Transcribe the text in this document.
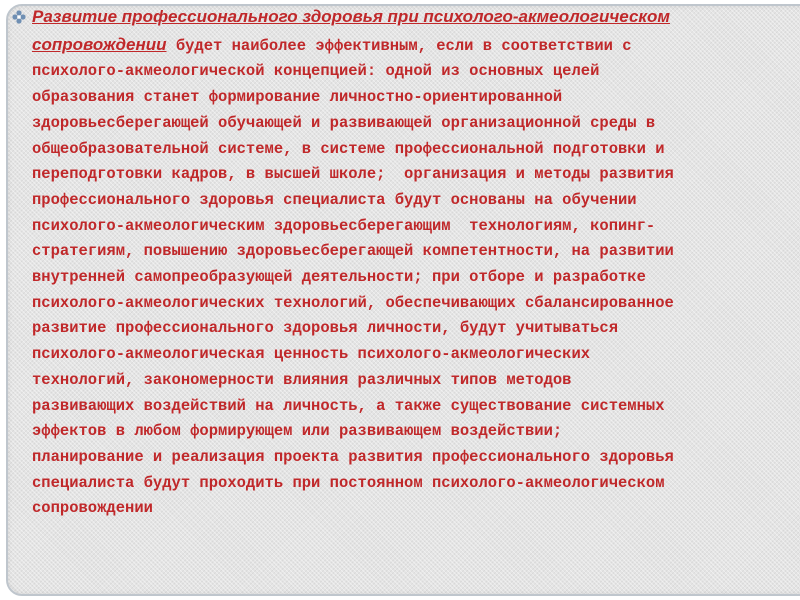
Развитие профессионального здоровья при психолого-акмеологическом
сопровождении будет наиболее эффективным, если в соответствии с
психолого-акмеологической концепцией: одной из основных целей
образования станет формирование личностно-ориентированной
здоровьесберегающей обучающей и развивающей организационной среды в
общеобразовательной системе, в системе профессиональной подготовки и
переподготовки кадров, в высшей школе;  организация и методы развития
профессионального здоровья специалиста будут основаны на обучении
психолого-акмеологическим здоровьесберегающим  технологиям, копинг-
стратегиям, повышению здоровьесберегающей компетентности, на развитии
внутренней самопреобразующей деятельности; при отборе и разработке
психолого-акмеологических технологий, обеспечивающих сбалансированное
развитие профессионального здоровья личности, будут учитываться
психолого-акмеологическая ценность психолого-акмеологических
технологий, закономерности влияния различных типов методов
развивающих воздействий на личность, а также существование системных
эффектов в любом формирующем или развивающем воздействии;
планирование и реализация проекта развития профессионального здоровья
специалиста будут проходить при постоянном психолого-акмеологическом
сопровождении
